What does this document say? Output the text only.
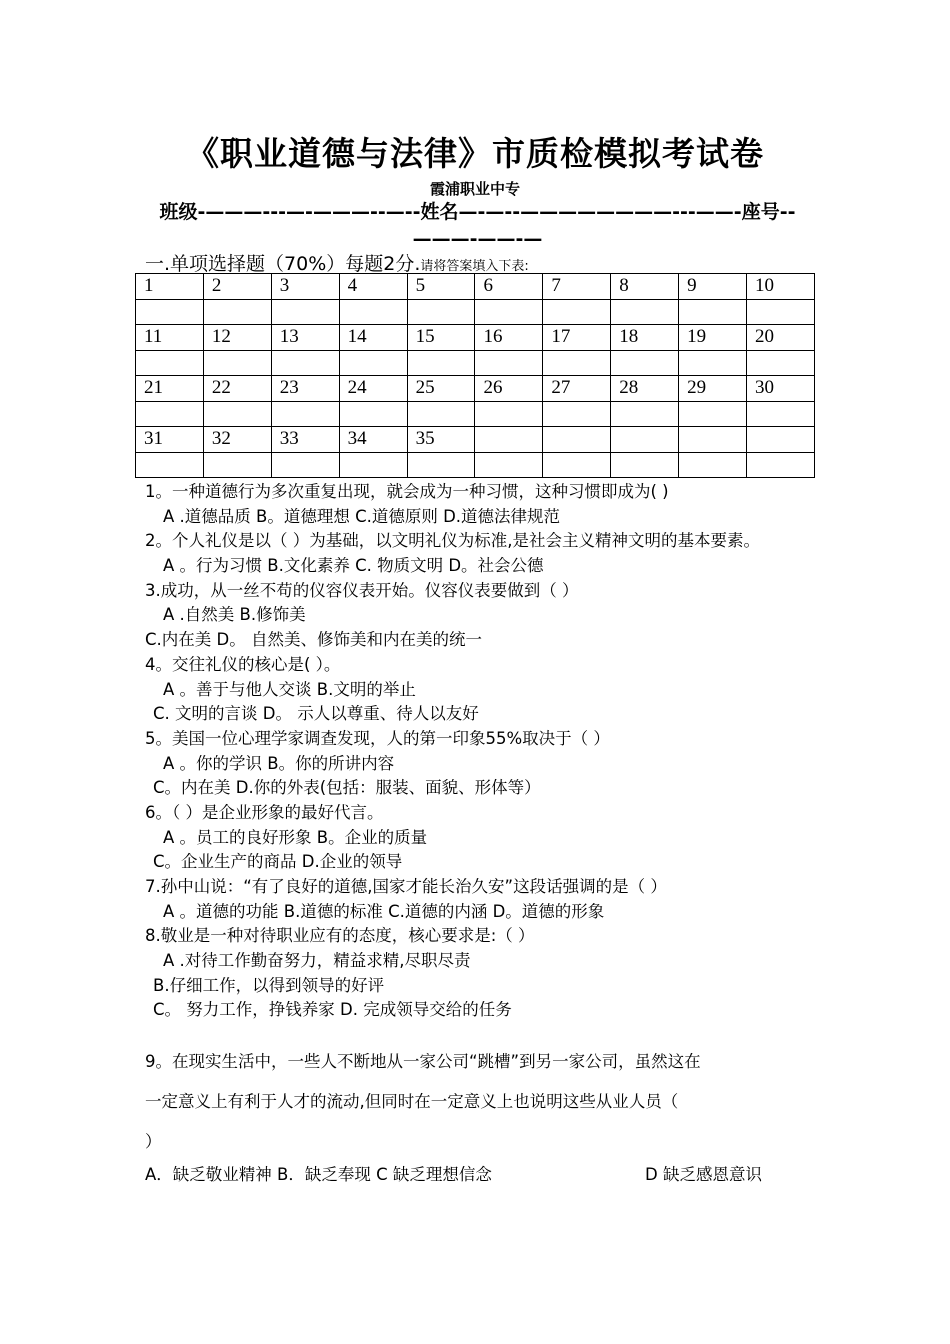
《职业道德与法律》市质检模拟考试卷
霞浦职业中专
班级-———---—-———--—--姓名—-—--————————---——-座号--———-——-—
一.单项选择题（70%）每题2分.请将答案填入下表:
1	2	3	4	5	6	7	8	9	10

11	12	13	14	15	16	17	18	19	20

21	22	23	24	25	26	27	28	29	30

31	32	33	34	35					

1。一种道德行为多次重复出现，就会成为一种习惯，这种习惯即成为( )
A .道德品质 B。道德理想 C.道德原则 D.道德法律规范
2。个人礼仪是以（ ）为基础，以文明礼仪为标准,是社会主义精神文明的基本要素。
A 。行为习惯 B.文化素养 C. 物质文明 D。社会公德
3.成功，从一丝不苟的仪容仪表开始。仪容仪表要做到（ ）
A .自然美 B.修饰美
C.内在美 D。 自然美、修饰美和内在美的统一
4。交往礼仪的核心是( ）。
A 。善于与他人交谈 B.文明的举止
C. 文明的言谈 D。 示人以尊重、待人以友好
5。美国一位心理学家调查发现，人的第一印象55%取决于（ ）
A 。你的学识 B。你的所讲内容
C。内在美 D.你的外表(包括：服装、面貌、形体等）
6。（ ）是企业形象的最好代言。
A 。员工的良好形象 B。企业的质量
C。企业生产的商品 D.企业的领导
7.孙中山说：“有了良好的道德,国家才能长治久安”这段话强调的是（ ）
A 。道德的功能 B.道德的标准 C.道德的内涵 D。道德的形象
8.敬业是一种对待职业应有的态度，核心要求是:（ ）
A .对待工作勤奋努力，精益求精,尽职尽责
B.仔细工作，以得到领导的好评
C。 努力工作，挣钱养家 D. 完成领导交给的任务
9。在现实生活中，一些人不断地从一家公司“跳槽”到另一家公司，虽然这在
一定意义上有利于人才的流动,但同时在一定意义上也说明这些从业人员（
）
A．缺乏敬业精神 B．缺乏奉现 C 缺乏理想信念	D 缺乏感恩意识
